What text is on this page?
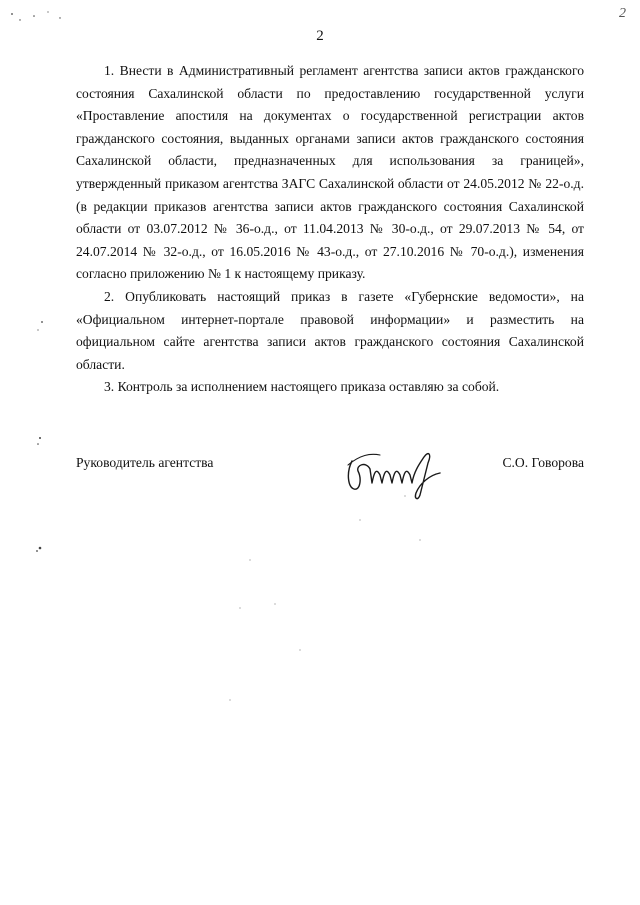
2
2

1. Внести в Административный регламент агентства записи актов гражданского состояния Сахалинской области по предоставлению государственной услуги «Проставление апостиля на документах о государственной регистрации актов гражданского состояния, выданных органами записи актов гражданского состояния Сахалинской области, предназначенных для использования за границей», утвержденный приказом агентства ЗАГС Сахалинской области от 24.05.2012 № 22-о.д. (в редакции приказов агентства записи актов гражданского состояния Сахалинской области от 03.07.2012 № 36-о.д., от 11.04.2013 № 30-о.д., от 29.07.2013 № 54, от 24.07.2014 № 32-о.д., от 16.05.2016 № 43-о.д., от 27.10.2016 № 70-о.д.), изменения согласно приложению № 1 к настоящему приказу.

2. Опубликовать настоящий приказ в газете «Губернские ведомости», на «Официальном интернет-портале правовой информации» и разместить на официальном сайте агентства записи актов гражданского состояния Сахалинской области.

3. Контроль за исполнением настоящего приказа оставляю за собой.

Руководитель агентства	С.О. Говорова
